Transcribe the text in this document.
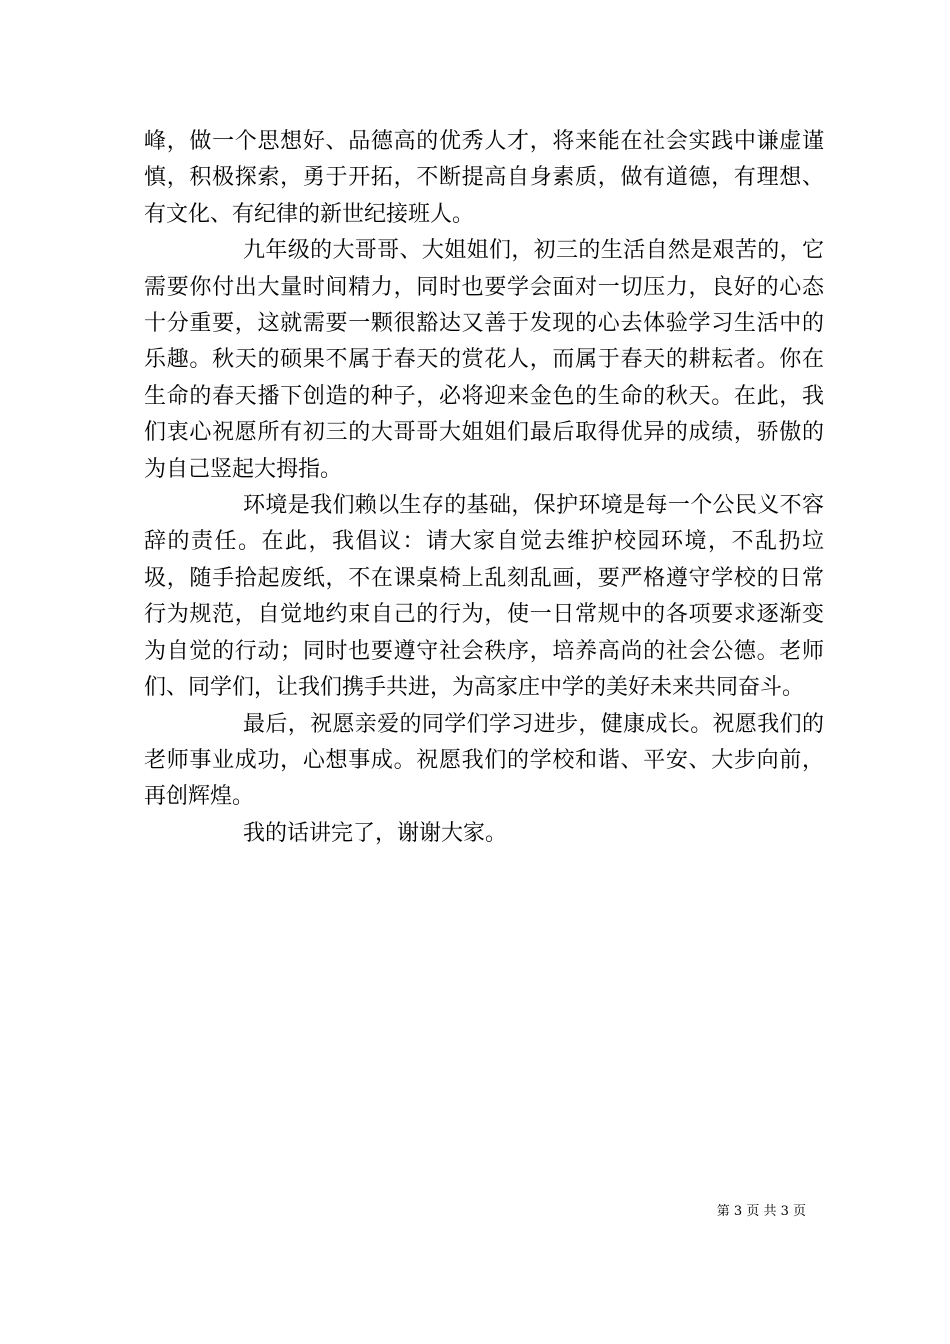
峰，做一个思想好、品德高的优秀人才，将来能在社会实践中谦虚谨慎，积极探索，勇于开拓，不断提高自身素质，做有道德，有理想、有文化、有纪律的新世纪接班人。

九年级的大哥哥、大姐姐们，初三的生活自然是艰苦的，它需要你付出大量时间精力，同时也要学会面对一切压力，良好的心态十分重要，这就需要一颗很豁达又善于发现的心去体验学习生活中的乐趣。秋天的硕果不属于春天的赏花人，而属于春天的耕耘者。你在生命的春天播下创造的种子，必将迎来金色的生命的秋天。在此，我们衷心祝愿所有初三的大哥哥大姐姐们最后取得优异的成绩，骄傲的为自己竖起大拇指。

环境是我们赖以生存的基础，保护环境是每一个公民义不容辞的责任。在此，我倡议：请大家自觉去维护校园环境，不乱扔垃圾，随手拾起废纸，不在课桌椅上乱刻乱画，要严格遵守学校的日常行为规范，自觉地约束自己的行为，使一日常规中的各项要求逐渐变为自觉的行动；同时也要遵守社会秩序，培养高尚的社会公德。老师们、同学们，让我们携手共进，为高家庄中学的美好未来共同奋斗。

最后，祝愿亲爱的同学们学习进步，健康成长。祝愿我们的老师事业成功，心想事成。祝愿我们的学校和谐、平安、大步向前，再创辉煌。

我的话讲完了，谢谢大家。

第 3 页 共 3 页
